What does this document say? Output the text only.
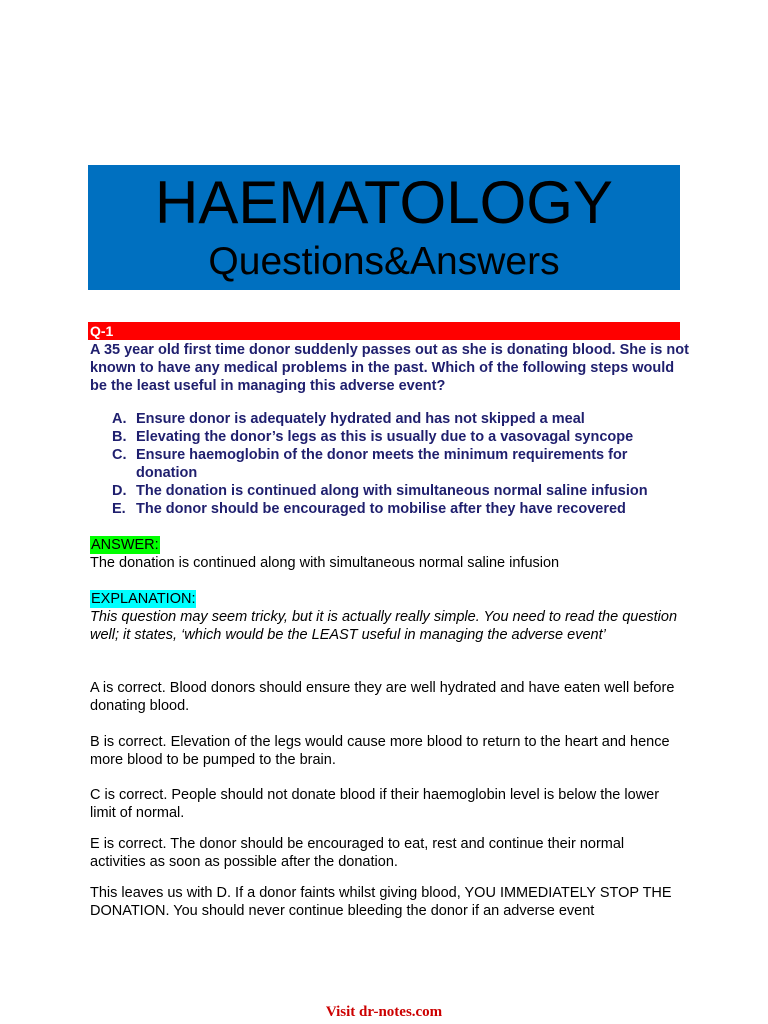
HAEMATOLOGY
Questions&Answers
Q-1
A 35 year old first time donor suddenly passes out as she is donating blood. She is not known to have any medical problems in the past. Which of the following steps would be the least useful in managing this adverse event?
A. Ensure donor is adequately hydrated and has not skipped a meal
B. Elevating the donor’s legs as this is usually due to a vasovagal syncope
C. Ensure haemoglobin of the donor meets the minimum requirements for donation
D. The donation is continued along with simultaneous normal saline infusion
E. The donor should be encouraged to mobilise after they have recovered
ANSWER:
The donation is continued along with simultaneous normal saline infusion
EXPLANATION:
This question may seem tricky, but it is actually really simple. You need to read the question well; it states, ‘which would be the LEAST useful in managing the adverse event’
A is correct. Blood donors should ensure they are well hydrated and have eaten well before donating blood.
B is correct. Elevation of the legs would cause more blood to return to the heart and hence more blood to be pumped to the brain.
C is correct. People should not donate blood if their haemoglobin level is below the lower limit of normal.
E is correct. The donor should be encouraged to eat, rest and continue their normal activities as soon as possible after the donation.
This leaves us with D. If a donor faints whilst giving blood, YOU IMMEDIATELY STOP THE DONATION. You should never continue bleeding the donor if an adverse event
Visit dr-notes.com
